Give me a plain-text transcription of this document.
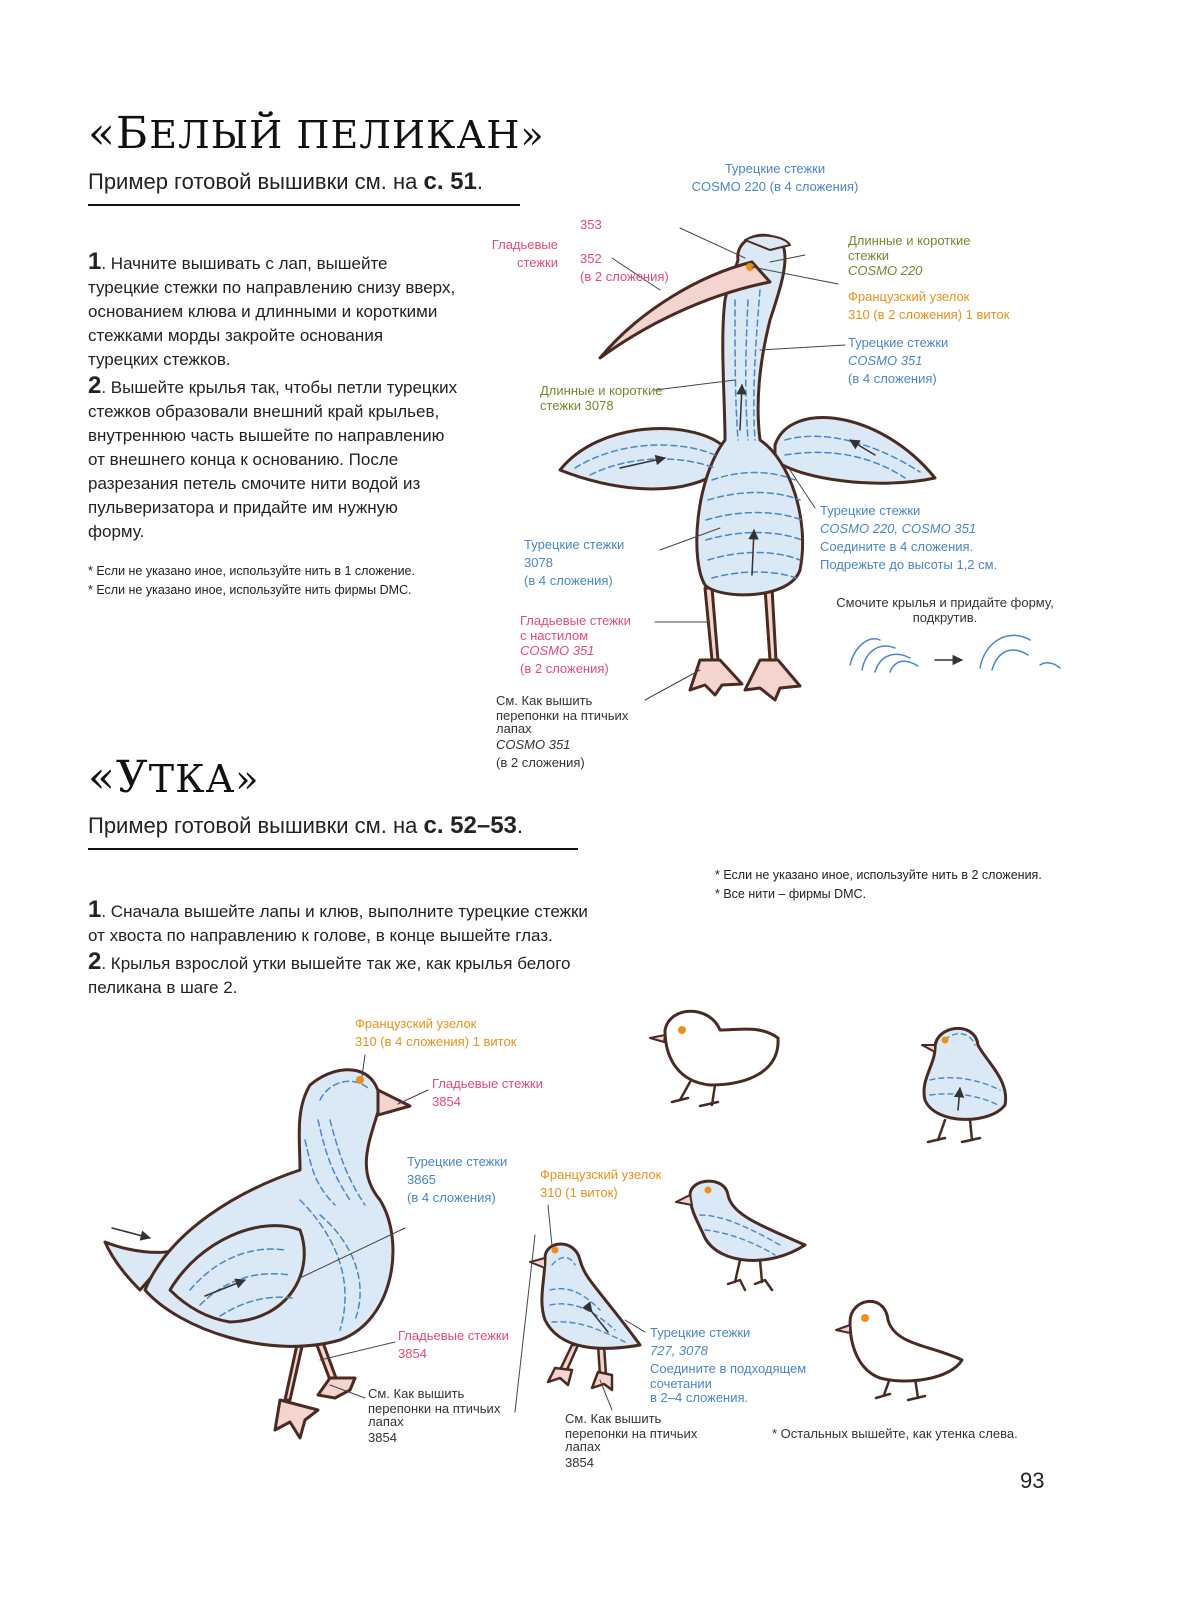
«БЕЛЫЙ ПЕЛИКАН»
Пример готовой вышивки см. на с. 51.
1. Начните вышивать с лап, вышейте турецкие стежки по направлению снизу вверх, основанием клюва и длинными и короткими стежками морды закройте основания турецких стежков.
2. Вышейте крылья так, чтобы петли турецких стежков образовали внешний край крыльев, внутреннюю часть вышейте по направлению от внешнего конца к основанию. После разрезания петель смочите нити водой из пульверизатора и придайте им нужную форму.
* Если не указано иное, используйте нить в 1 сложение.
* Если не указано иное, используйте нить фирмы DMC.
Турецкие стежки
COSMO 220 (в 4 сложения)
Гладьевые
стежки
353
352
(в 2 сложения)
Длинные и короткие
стежки
COSMO 220
Французский узелок
310 (в 2 сложения) 1 виток
Турецкие стежки
COSMO 351
(в 4 сложения)
Длинные и короткие
стежки 3078
Турецкие стежки
COSMO 220, COSMO 351
Соедините в 4 сложения.
Подрежьте до высоты 1,2 см.
Смочите крылья и придайте форму,
подкрутив.
Турецкие стежки
3078
(в 4 сложения)
Гладьевые стежки
с настилом
COSMO 351
(в 2 сложения)
См. Как вышить
перепонки на птичьих
лапах
COSMO 351
(в 2 сложения)
«УТКА»
Пример готовой вышивки см. на с. 52–53.
* Если не указано иное, используйте нить в 2 сложения.
* Все нити – фирмы DMC.
1. Сначала вышейте лапы и клюв, выполните турецкие стежки от хвоста по направлению к голове, в конце вышейте глаз.
2. Крылья взрослой утки вышейте так же, как крылья белого пеликана в шаге 2.
Французский узелок
310 (в 4 сложения) 1 виток
Гладьевые стежки
3854
Турецкие стежки
3865
(в 4 сложения)
Гладьевые стежки
3854
См. Как вышить
перепонки на птичьих
лапах
3854
Французский узелок
310 (1 виток)
Турецкие стежки
727, 3078
Соедините в подходящем
сочетании
в 2–4 сложения.
См. Как вышить
перепонки на птичьих
лапах
3854
* Остальных вышейте, как утенка слева.
93
